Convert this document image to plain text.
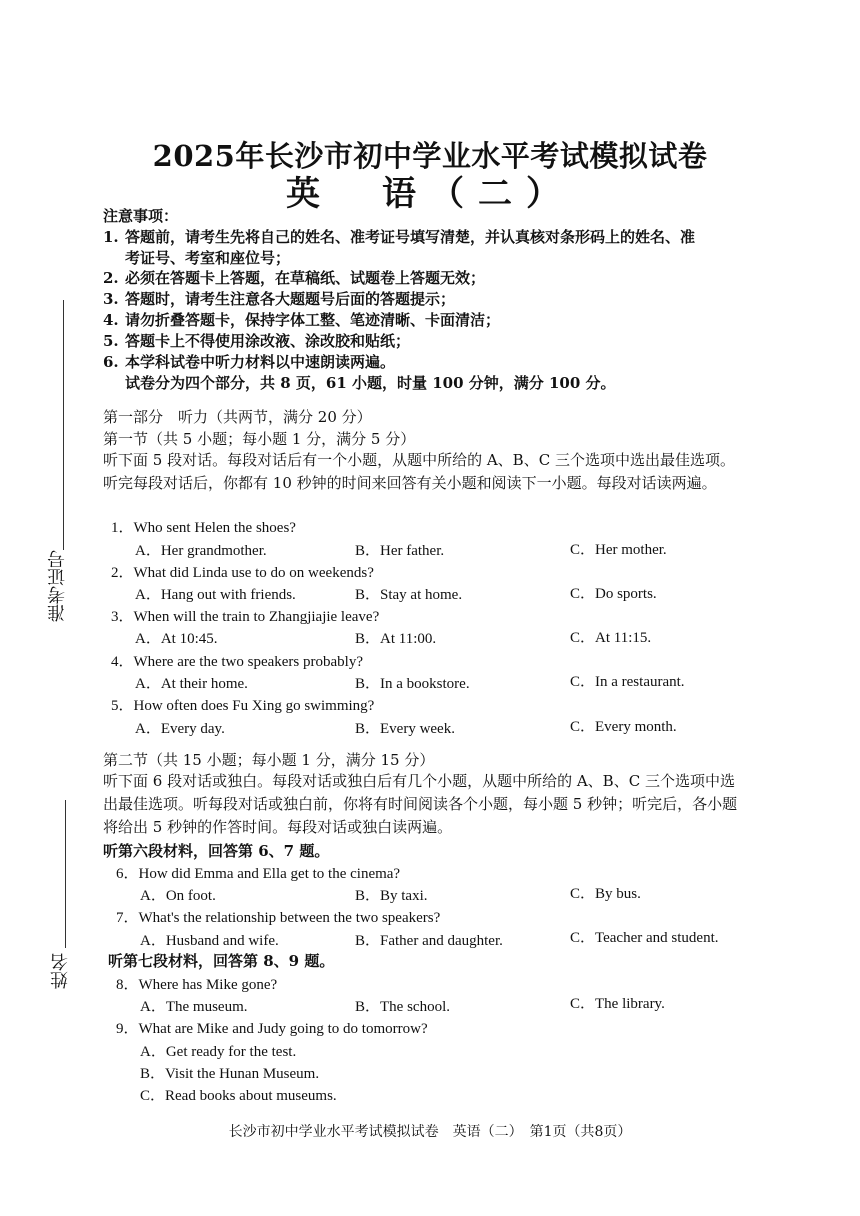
2025年长沙市初中学业水平考试模拟试卷
英　语（二）
注意事项：
1. 答题前，请考生先将自己的姓名、准考证号填写清楚，并认真核对条形码上的姓名、准
考证号、考室和座位号；
2. 必须在答题卡上答题，在草稿纸、试题卷上答题无效；
3. 答题时，请考生注意各大题题号后面的答题提示；
4. 请勿折叠答题卡，保持字体工整、笔迹清晰、卡面清洁；
5. 答题卡上不得使用涂改液、涂改胶和贴纸；
6. 本学科试卷中听力材料以中速朗读两遍。
试卷分为四个部分，共 8 页，61 小题，时量 100 分钟，满分 100 分。
第一部分　听力（共两节，满分 20 分）
第一节（共 5 小题；每小题 1 分，满分 5 分）
听下面 5 段对话。每段对话后有一个小题，从题中所给的 A、B、C 三个选项中选出最佳选项。听完每段对话后，你都有 10 秒钟的时间来回答有关小题和阅读下一小题。每段对话读两遍。
1．Who sent Helen the shoes?
A．Her grandmother.	B．Her father.	C．Her mother.
2．What did Linda use to do on weekends?
A．Hang out with friends.	B．Stay at home.	C．Do sports.
3．When will the train to Zhangjiajie leave?
A．At 10:45.	B．At 11:00.	C．At 11:15.
4．Where are the two speakers probably?
A．At their home.	B．In a bookstore.	C．In a restaurant.
5．How often does Fu Xing go swimming?
A．Every day.	B．Every week.	C．Every month.
第二节（共 15 小题；每小题 1 分，满分 15 分）
听下面 6 段对话或独白。每段对话或独白后有几个小题，从题中所给的 A、B、C 三个选项中选出最佳选项。听每段对话或独白前，你将有时间阅读各个小题，每小题 5 秒钟；听完后，各小题将给出 5 秒钟的作答时间。每段对话或独白读两遍。
听第六段材料，回答第 6、7 题。
6．How did Emma and Ella get to the cinema?
A．On foot.	B．By taxi.	C．By bus.
7．What's the relationship between the two speakers?
A．Husband and wife.	B．Father and daughter.	C．Teacher and student.
听第七段材料，回答第 8、9 题。
8．Where has Mike gone?
A．The museum.	B．The school.	C．The library.
9．What are Mike and Judy going to do tomorrow?
A．Get ready for the test.
B．Visit the Hunan Museum.
C．Read books about museums.
准考证号
姓名
长沙市初中学业水平考试模拟试卷　英语（二）　第1页（共8页）
